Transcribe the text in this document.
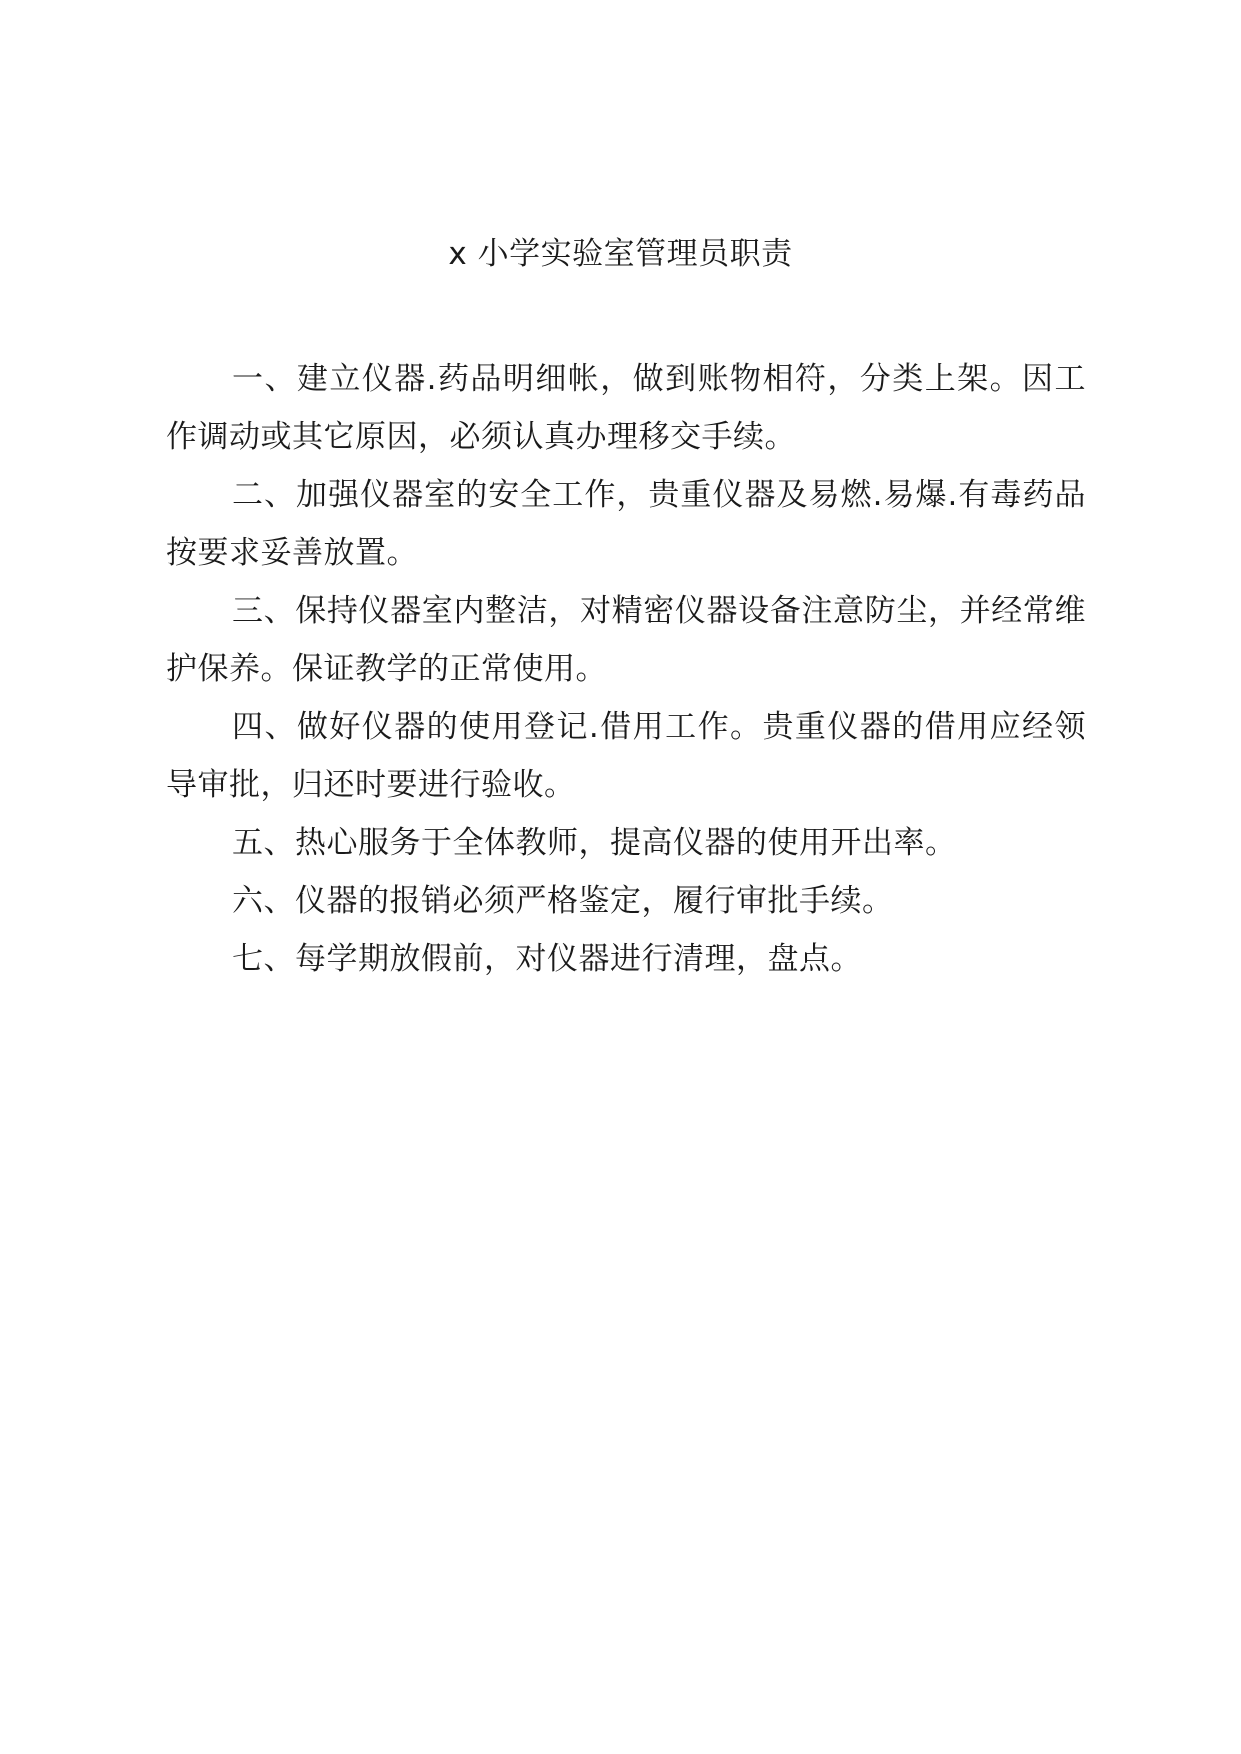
x 小学实验室管理员职责

一、建立仪器.药品明细帐，做到账物相符，分类上架。因工作调动或其它原因，必须认真办理移交手续。

二、加强仪器室的安全工作，贵重仪器及易燃.易爆.有毒药品按要求妥善放置。

三、保持仪器室内整洁，对精密仪器设备注意防尘，并经常维护保养。保证教学的正常使用。

四、做好仪器的使用登记.借用工作。贵重仪器的借用应经领导审批，归还时要进行验收。

五、热心服务于全体教师，提高仪器的使用开出率。

六、仪器的报销必须严格鉴定，履行审批手续。

七、每学期放假前，对仪器进行清理，盘点。
